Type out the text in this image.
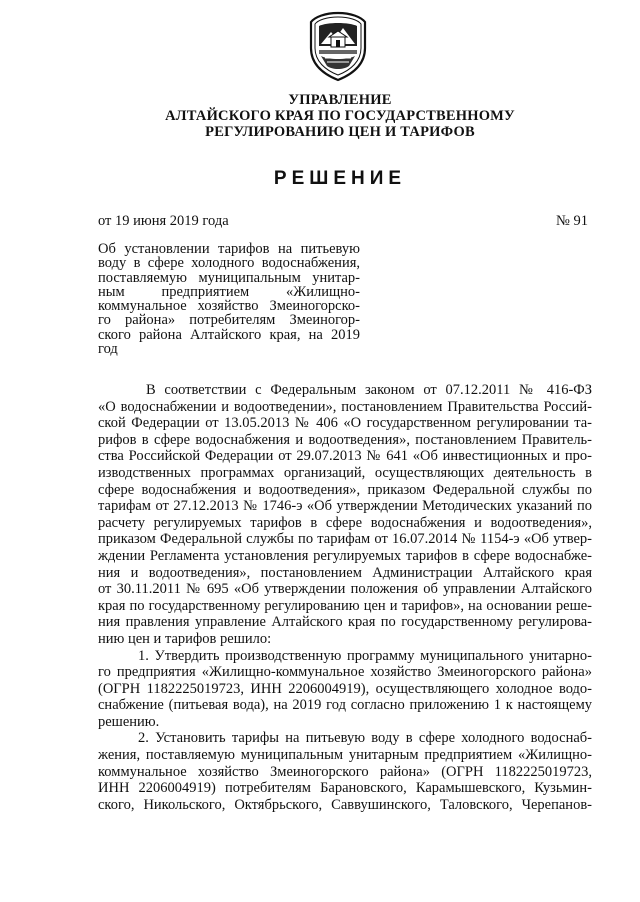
УПРАВЛЕНИЕ
АЛТАЙСКОГО КРАЯ ПО ГОСУДАРСТВЕННОМУ
РЕГУЛИРОВАНИЮ ЦЕН И ТАРИФОВ
РЕШЕНИЕ
от 19 июня 2019 года	№ 91
Об установлении тарифов на питьевую
воду в сфере холодного водоснабжения,
поставляемую муниципальным унитар-
ным предприятием «Жилищно-
коммунальное хозяйство Змеиногорско-
го района» потребителям Змеиногор-
ского района Алтайского края, на 2019
год
В соответствии с Федеральным законом от 07.12.2011 № 416-ФЗ
«О водоснабжении и водоотведении», постановлением Правительства Россий-
ской Федерации от 13.05.2013 № 406 «О государственном регулировании та-
рифов в сфере водоснабжения и водоотведения», постановлением Правитель-
ства Российской Федерации от 29.07.2013 № 641 «Об инвестиционных и про-
изводственных программах организаций, осуществляющих деятельность в
сфере водоснабжения и водоотведения», приказом Федеральной службы по
тарифам от 27.12.2013 № 1746-э «Об утверждении Методических указаний по
расчету регулируемых тарифов в сфере водоснабжения и водоотведения»,
приказом Федеральной службы по тарифам от 16.07.2014 № 1154-э «Об утвер-
ждении Регламента установления регулируемых тарифов в сфере водоснабже-
ния и водоотведения», постановлением Администрации Алтайского края
от 30.11.2011 № 695 «Об утверждении положения об управлении Алтайского
края по государственному регулированию цен и тарифов», на основании реше-
ния правления управление Алтайского края по государственному регулирова-
нию цен и тарифов решило:
1. Утвердить производственную программу муниципального унитарно-
го предприятия «Жилищно-коммунальное хозяйство Змеиногорского района»
(ОГРН 1182225019723, ИНН 2206004919), осуществляющего холодное водо-
снабжение (питьевая вода), на 2019 год согласно приложению 1 к настоящему
решению.
2. Установить тарифы на питьевую воду в сфере холодного водоснаб-
жения, поставляемую муниципальным унитарным предприятием «Жилищно-
коммунальное хозяйство Змеиногорского района» (ОГРН 1182225019723,
ИНН 2206004919) потребителям Барановского, Карамышевского, Кузьмин-
ского, Никольского, Октябрьского, Саввушинского, Таловского, Черепанов-
